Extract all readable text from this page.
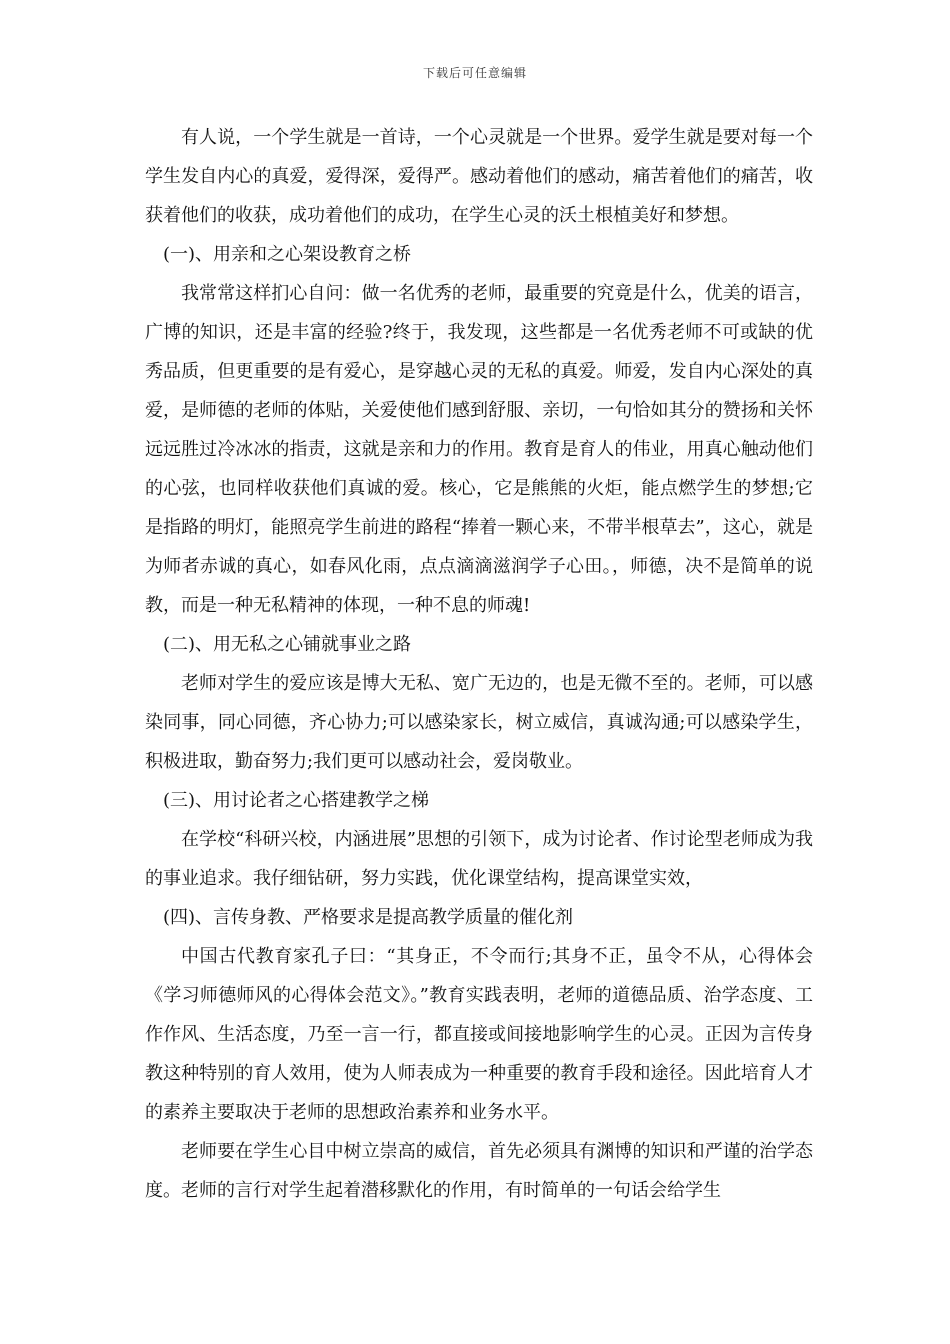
下载后可任意编辑

有人说，一个学生就是一首诗，一个心灵就是一个世界。爱学生就是要对每一个学生发自内心的真爱，爱得深，爱得严。感动着他们的感动，痛苦着他们的痛苦，收获着他们的收获，成功着他们的成功，在学生心灵的沃土根植美好和梦想。

(一)、用亲和之心架设教育之桥

我常常这样扪心自问：做一名优秀的老师，最重要的究竟是什么，优美的语言，广博的知识，还是丰富的经验?终于，我发现，这些都是一名优秀老师不可或缺的优秀品质，但更重要的是有爱心，是穿越心灵的无私的真爱。师爱，发自内心深处的真爱，是师德的老师的体贴，关爱使他们感到舒服、亲切，一句恰如其分的赞扬和关怀远远胜过冷冰冰的指责，这就是亲和力的作用。教育是育人的伟业，用真心触动他们的心弦，也同样收获他们真诚的爱。核心，它是熊熊的火炬，能点燃学生的梦想;它是指路的明灯，能照亮学生前进的路程“捧着一颗心来，不带半根草去”，这心，就是为师者赤诚的真心，如春风化雨，点点滴滴滋润学子心田。，师德，决不是简单的说教，而是一种无私精神的体现，一种不息的师魂!

(二)、用无私之心铺就事业之路

老师对学生的爱应该是博大无私、宽广无边的，也是无微不至的。老师，可以感染同事，同心同德，齐心协力;可以感染家长，树立威信，真诚沟通;可以感染学生，积极进取，勤奋努力;我们更可以感动社会，爱岗敬业。

(三)、用讨论者之心搭建教学之梯

在学校“科研兴校，内涵进展”思想的引领下，成为讨论者、作讨论型老师成为我的事业追求。我仔细钻研，努力实践，优化课堂结构，提高课堂实效，

(四)、言传身教、严格要求是提高教学质量的催化剂

中国古代教育家孔子曰：“其身正，不令而行;其身不正，虽令不从，心得体会《学习师德师风的心得体会范文》。”教育实践表明，老师的道德品质、治学态度、工作作风、生活态度，乃至一言一行，都直接或间接地影响学生的心灵。正因为言传身教这种特别的育人效用，使为人师表成为一种重要的教育手段和途径。因此培育人才的素养主要取决于老师的思想政治素养和业务水平。

老师要在学生心目中树立崇高的威信，首先必须具有渊博的知识和严谨的治学态度。老师的言行对学生起着潜移默化的作用，有时简单的一句话会给学生
